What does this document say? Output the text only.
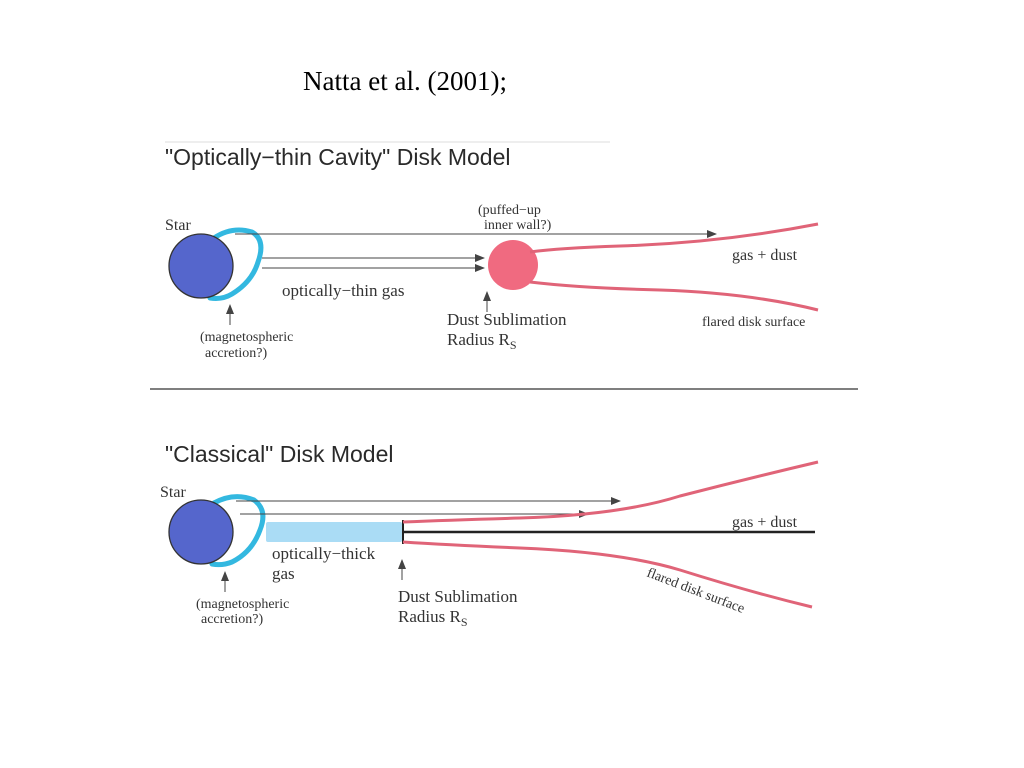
Natta et al. (2001);
"Optically−thin Cavity" Disk Model
Star
(puffed−up
inner wall?)
gas + dust
optically−thin gas
flared disk surface
Dust Sublimation
Radius $R_S$
(magnetospheric
accretion?)
"Classical" Disk Model
Star
gas + dust
optically−thick
gas	flared disk surface
Dust Sublimation
Radius $R_S$
(magnetospheric
accretion?)
